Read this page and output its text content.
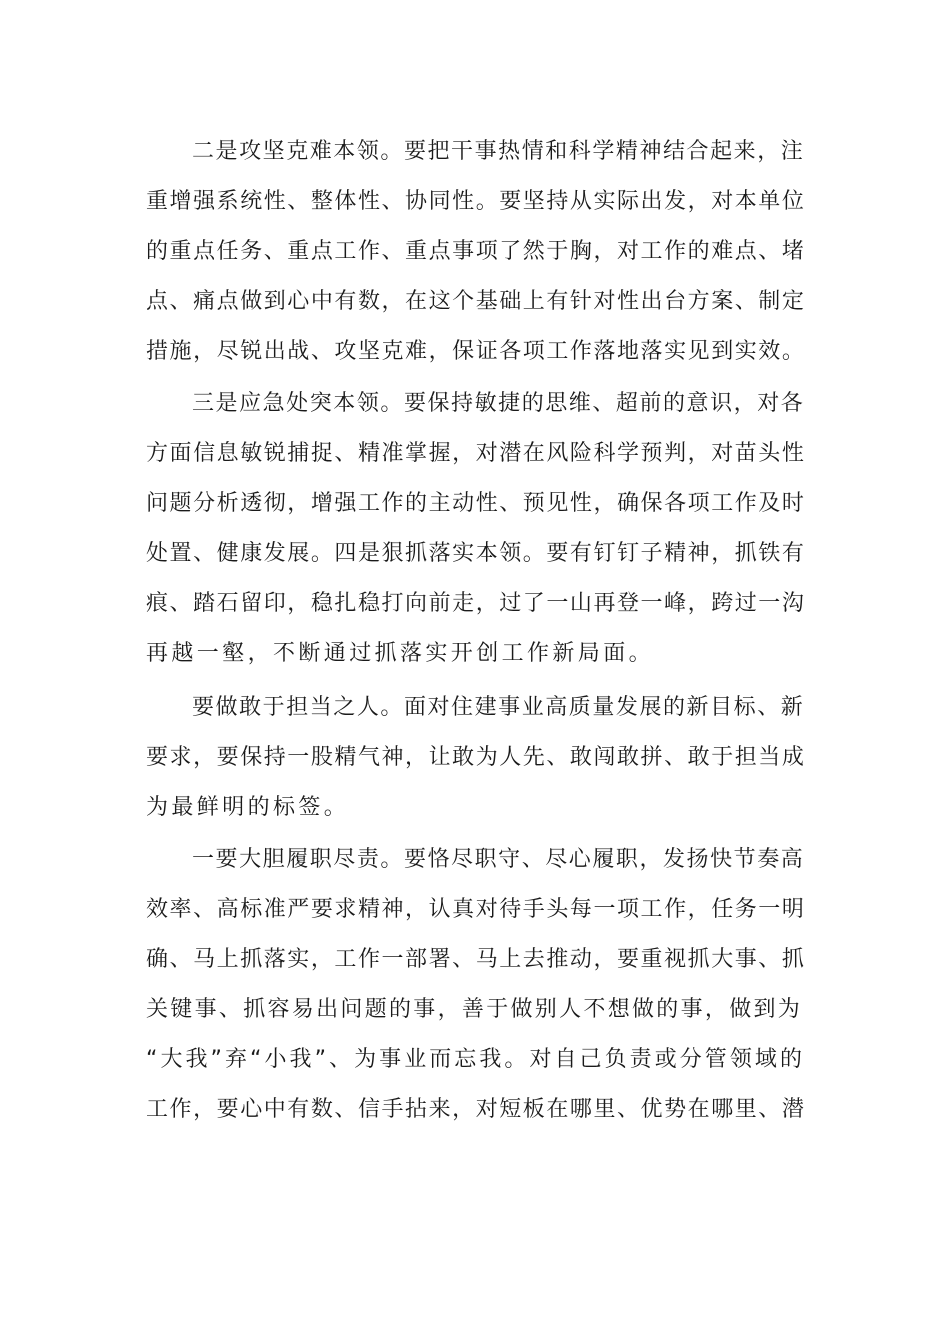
二是攻坚克难本领。要把干事热情和科学精神结合起来，注
重增强系统性、整体性、协同性。要坚持从实际出发，对本单位
的重点任务、重点工作、重点事项了然于胸，对工作的难点、堵
点、痛点做到心中有数，在这个基础上有针对性出台方案、制定
措施，尽锐出战、攻坚克难，保证各项工作落地落实见到实效。
三是应急处突本领。要保持敏捷的思维、超前的意识，对各
方面信息敏锐捕捉、精准掌握，对潜在风险科学预判，对苗头性
问题分析透彻，增强工作的主动性、预见性，确保各项工作及时
处置、健康发展。四是狠抓落实本领。要有钉钉子精神，抓铁有
痕、踏石留印，稳扎稳打向前走，过了一山再登一峰，跨过一沟
再越一壑，不断通过抓落实开创工作新局面。
要做敢于担当之人。面对住建事业高质量发展的新目标、新
要求，要保持一股精气神，让敢为人先、敢闯敢拼、敢于担当成
为最鲜明的标签。
一要大胆履职尽责。要恪尽职守、尽心履职，发扬快节奏高
效率、高标准严要求精神，认真对待手头每一项工作，任务一明
确、马上抓落实，工作一部署、马上去推动，要重视抓大事、抓
关键事、抓容易出问题的事，善于做别人不想做的事，做到为
“大我”弃“小我”、为事业而忘我。对自己负责或分管领域的
工作，要心中有数、信手拈来，对短板在哪里、优势在哪里、潜
